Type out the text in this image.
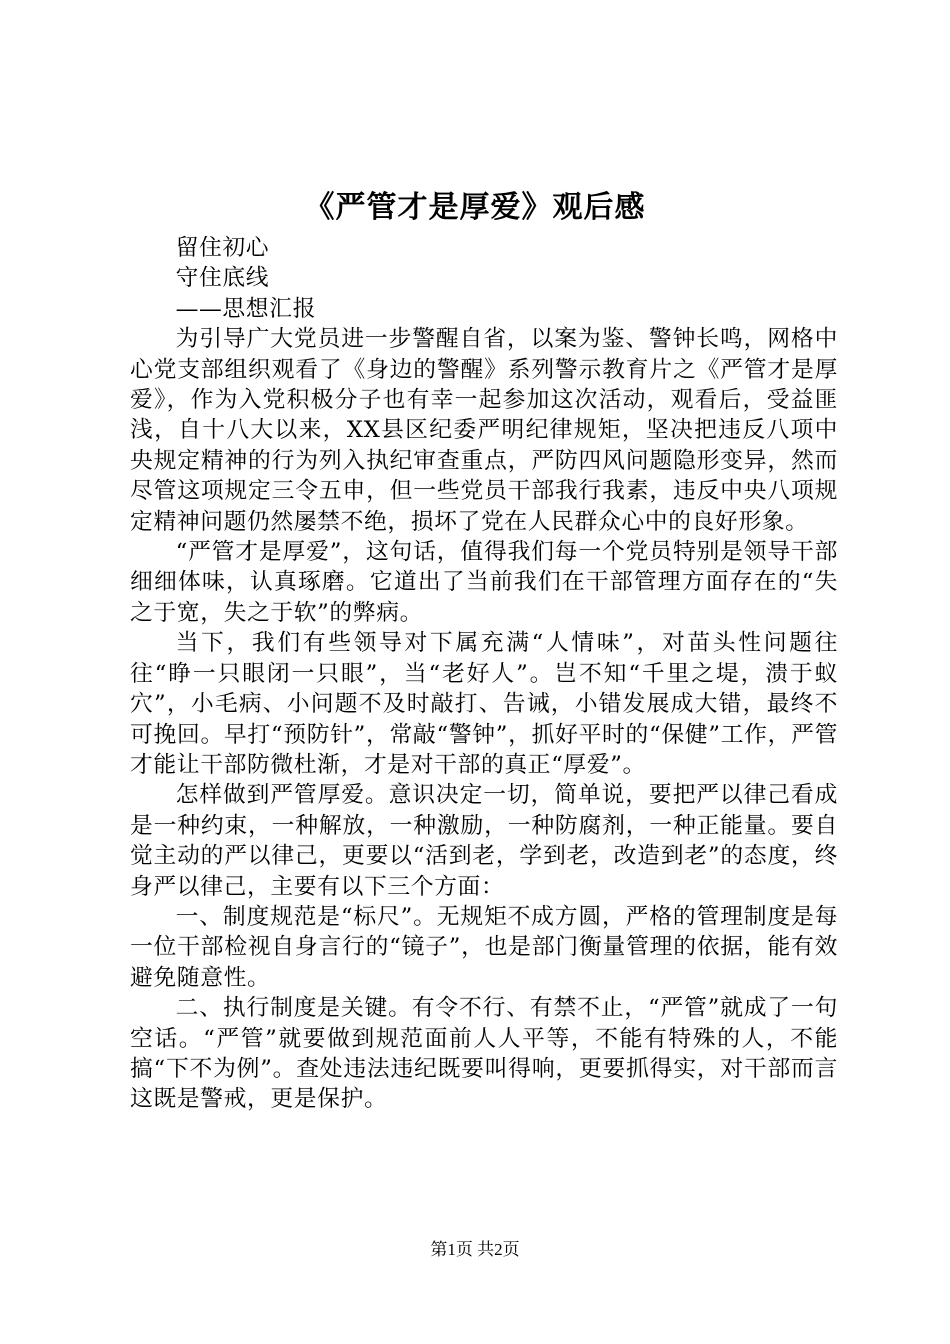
《严管才是厚爱》观后感

留住初心

守住底线

——思想汇报

为引导广大党员进一步警醒自省，以案为鉴、警钟长鸣，网格中心党支部组织观看了《身边的警醒》系列警示教育片之《严管才是厚爱》，作为入党积极分子也有幸一起参加这次活动，观看后，受益匪浅，自十八大以来，XX县区纪委严明纪律规矩，坚决把违反八项中央规定精神的行为列入执纪审查重点，严防四风问题隐形变异，然而尽管这项规定三令五申，但一些党员干部我行我素，违反中央八项规定精神问题仍然屡禁不绝，损坏了党在人民群众心中的良好形象。

“严管才是厚爱”，这句话，值得我们每一个党员特别是领导干部细细体味，认真琢磨。它道出了当前我们在干部管理方面存在的“失之于宽，失之于软”的弊病。

当下，我们有些领导对下属充满“人情味”，对苗头性问题往往“睁一只眼闭一只眼”，当“老好人”。岂不知“千里之堤，溃于蚁穴”，小毛病、小问题不及时敲打、告诫，小错发展成大错，最终不可挽回。早打“预防针”，常敲“警钟”，抓好平时的“保健”工作，严管才能让干部防微杜渐，才是对干部的真正“厚爱”。

怎样做到严管厚爱。意识决定一切，简单说，要把严以律己看成是一种约束，一种解放，一种激励，一种防腐剂，一种正能量。要自觉主动的严以律己，更要以“活到老，学到老，改造到老”的态度，终身严以律己，主要有以下三个方面：

一、制度规范是“标尺”。无规矩不成方圆，严格的管理制度是每一位干部检视自身言行的“镜子”，也是部门衡量管理的依据，能有效避免随意性。

二、执行制度是关键。有令不行、有禁不止，“严管”就成了一句空话。“严管”就要做到规范面前人人平等，不能有特殊的人，不能搞“下不为例”。查处违法违纪既要叫得响，更要抓得实，对干部而言这既是警戒，更是保护。

第1页 共2页
